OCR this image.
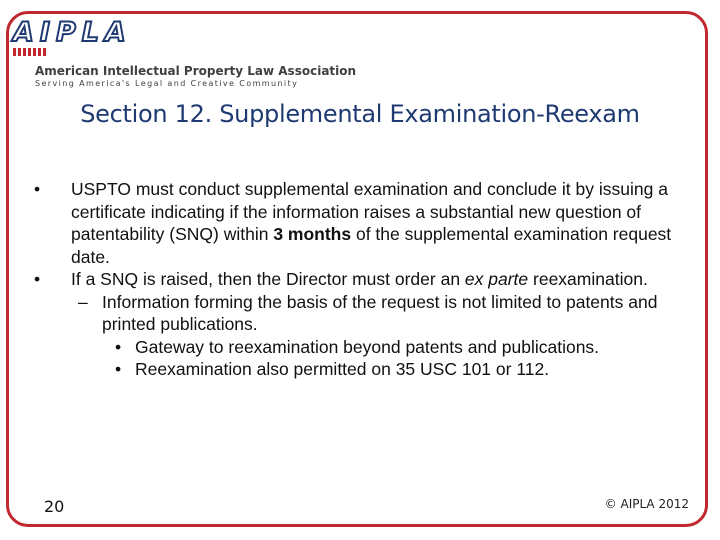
AIPLA
American Intellectual Property Law Association
Serving America's Legal and Creative Community
Section 12. Supplemental Examination-Reexam
•	USPTO must conduct supplemental examination and conclude it by issuing a certificate indicating if the information raises a substantial new question of patentability (SNQ) within 3 months of the supplemental examination request date.
•	If a SNQ is raised, then the Director must order an ex parte reexamination.
– Information forming the basis of the request is not limited to patents and printed publications.
• Gateway to reexamination beyond patents and publications.
• Reexamination also permitted on 35 USC 101 or 112.
20	© AIPLA 2012
